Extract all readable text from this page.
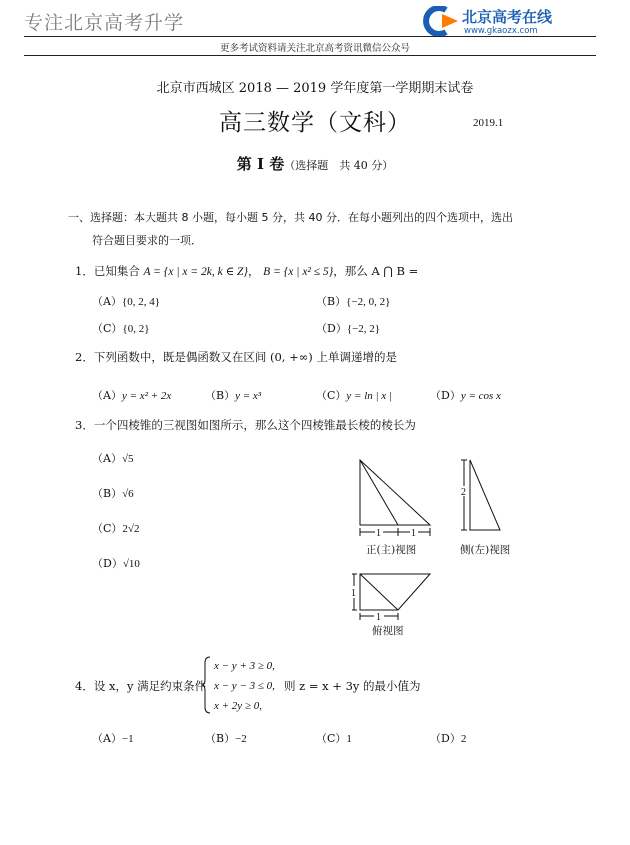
专注北京高考升学	北京高考在线
www.gkaozx.com
更多考试资料请关注北京高考资讯微信公众号
北京市西城区 2018 — 2019 学年度第一学期期末试卷
高三数学（文科）	2019.1
第 I 卷（选择题　共 40 分）
一、选择题：本大题共 8 小题，每小题 5 分，共 40 分．在每小题列出的四个选项中，选出
符合题目要求的一项．
1．已知集合 A = {x | x = 2k, k ∈ Z}， B = {x | x² ≤ 5}，那么 A ⋂ B =
（A）{0, 2, 4}	（B）{−2, 0, 2}
（C）{0, 2}	（D）{−2, 2}
2．下列函数中，既是偶函数又在区间 (0, +∞) 上单调递增的是
（A）y = x² + 2x	（B）y = x³	（C）y = ln | x |	（D）y = cos x
3．一个四棱锥的三视图如图所示，那么这个四棱锥最长棱的棱长为
（A）√5
（B）√6
（C）2√2
（D）√10
1	1
2
1
1
正(主)视图	侧(左)视图
俯视图
4．设 x，y 满足约束条件
x − y + 3 ≥ 0,
x − y − 3 ≤ 0,
x + 2y ≥ 0,
则 z = x + 3y 的最小值为
（A）−1	（B）−2	（C）1	（D）2
